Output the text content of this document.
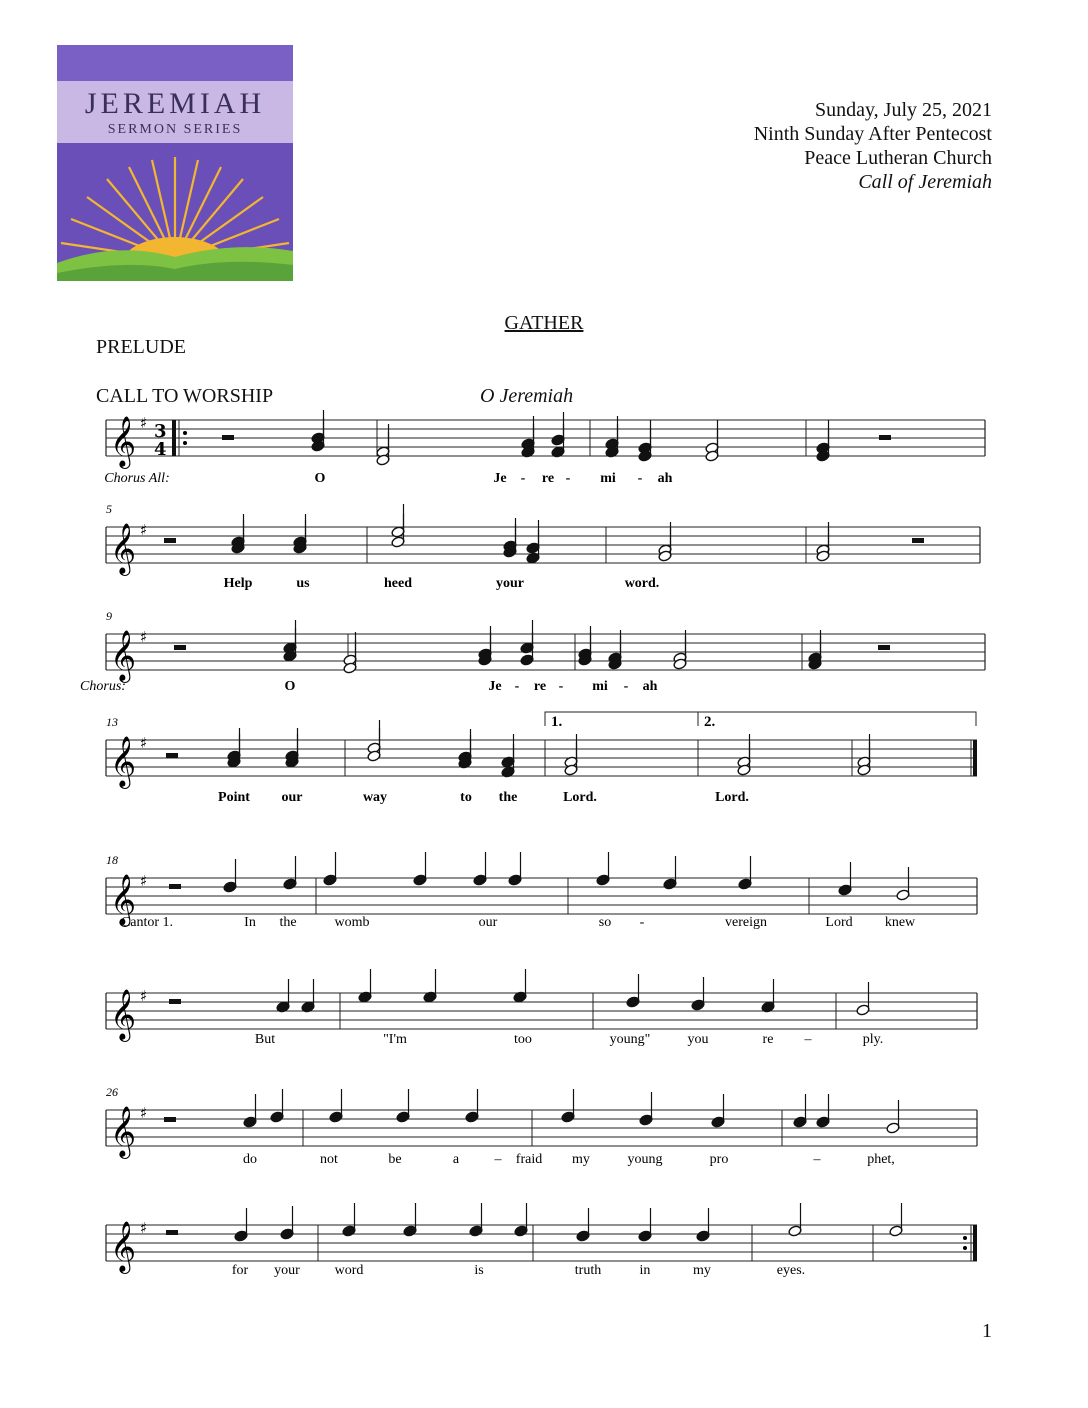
JEREMIAH
SERMON SERIES
Sunday, July 25, 2021
Ninth Sunday After Pentecost
Peace Lutheran Church
Call of Jeremiah
GATHER
PRELUDE
CALL TO WORSHIP	O Jeremiah
𝄞 ♯ 3
4
𝄞 ♯
5
𝄞 ♯
9
𝄞 ♯
1.	2.
13
𝄞 ♯
18
𝄞 ♯
𝄞 ♯
26
𝄞 ♯
Chorus All:	O	Je - re - mi - ah
Help	us	heed	your	word.
Chorus:	O	Je - re - mi - ah
Point our	way	to the	Lord.	Lord.
Cantor 1.	In the	womb	our	so -	vereign	Lord knew
But	"I'm	too	young"	you	re –	ply.
do	not	be	a	– fraid my	young	pro	–	phet,
for your word	is	truth	in	my	eyes.
1
